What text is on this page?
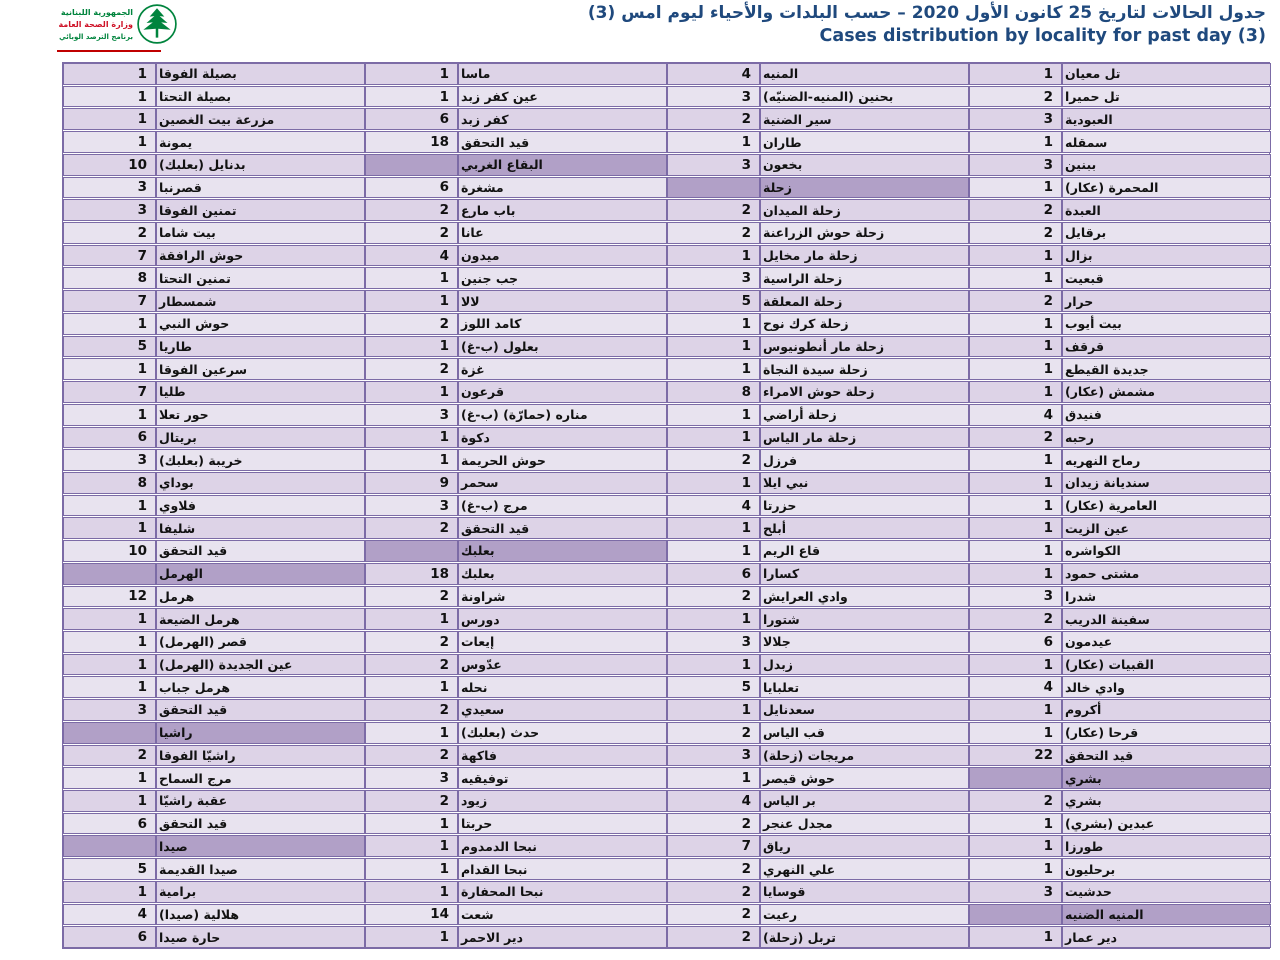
الجمهورية اللبنانية
وزارة الصحة العامة
برنامج الترصد الوبائي
جدول الحالات لتاريخ 25 كانون الأول 2020 – حسب البلدات والأحياء ليوم امس (3)
Cases distribution by locality for past day (3)
1 بصيلة الفوقا	1 ماسا	4 المنيه	1 تل معيان
1 بصيلة التحتا	1 عين كفر زبد	3 بحنين (المنيه-الضنيّه)	2 تل حميرا
1 مزرعة بيت الغصين	6 كفر زبد	2 سير الضنية	3 العبودية
1 يمونة	18 قيد التحقق	1 طاران	1 سمقله
10 بدنايل (بعلبك)	البقاع الغربي	3 بخعون	3 ببنين
3 قصرنبا	6 مشغرة	زحلة	1 المحمرة (عكار)
3 تمنين الفوقا	2 باب مارع	2 زحلة الميدان	2 العبدة
2 بيت شاما	2 عانا	2 زحلة حوش الزراعنة	2 برقايل
7 حوش الرافقة	4 ميدون	1 زحلة مار مخايل	1 بزال
8 تمنين التحتا	1 جب جنين	3 زحلة الراسية	1 قبعيت
7 شمسطار	1 لالا	5 زحلة المعلقة	2 حرار
1 حوش النبي	2 كامد اللوز	1 زحلة كرك نوح	1 بيت أيوب
5 طاريا	1 بعلول (ب-غ)	1 زحلة مار أنطونيوس	1 قرقف
1 سرعين الفوقا	2 غزة	1 زحلة سيدة النجاة	1 جديدة القيطع
7 طليا	1 قرعون	8 زحلة حوش الامراء	1 مشمش (عكار)
1 حور تعلا	3 مناره (حمارّة) (ب-غ)	1 زحلة أراضي	4 فنيدق
6 بريتال	1 دكوة	1 زحلة مار الياس	2 رحبه
3 خريبة (بعلبك)	1 حوش الحريمة	2 فرزل	1 رماح النهريه
8 بوداي	9 سحمر	1 نبي ايلا	1 سنديانة زيدان
1 فلاوي	3 مرج (ب-غ)	4 حزرتا	1 العامرية (عكار)
1 شليفا	2 قيد التحقق	1 أبلح	1 عين الزيت
10 قيد التحقق	بعلبك	1 قاع الريم	1 الكواشره
الهرمل	18 بعلبك	6 كسارا	1 مشتى حمود
12 هرمل	2 شراونة	2 وادي العرايش	3 شدرا
1 هرمل الضيعة	1 دورس	1 شتورا	2 سفينة الدريب
1 قصر (الهرمل)	2 إيعات	3 جلالا	6 عيدمون
1 عين الجديدة (الهرمل)	2 عدّوس	1 زبدل	1 القبيات (عكار)
1 هرمل جباب	1 نحله	5 تعلبايا	4 وادي خالد
3 قيد التحقق	2 سعيدي	1 سعدنايل	1 أكروم
راشيا	1 حدث (بعلبك)	2 قب الياس	1 قرحا (عكار)
2 راشيّا الفوقا	2 فاكهة	3 مريجات (زحلة)	22 قيد التحقق
1 مرج السماح	3 توفيقيه	1 حوش قيصر	بشري
1 عقبة راشيّا	2 زيود	4 بر الياس	2 بشري
6 قيد التحقق	1 حربتا	2 مجدل عنجر	1 عبدين (بشري)
صيدا	1 نبحا الدمدوم	7 رياق	1 طورزا
5 صيدا القديمة	1 نبحا القدام	2 علي النهري	1 برحليون
1 برامية	1 نبحا المحفارة	2 قوسايا	3 حدشيت
4 هلالية (صيدا)	14 شعت	2 رعيت	المنيه الضنيه
6 حارة صيدا	1 دير الاحمر	2 تربل (زحلة)	1 دير عمار
